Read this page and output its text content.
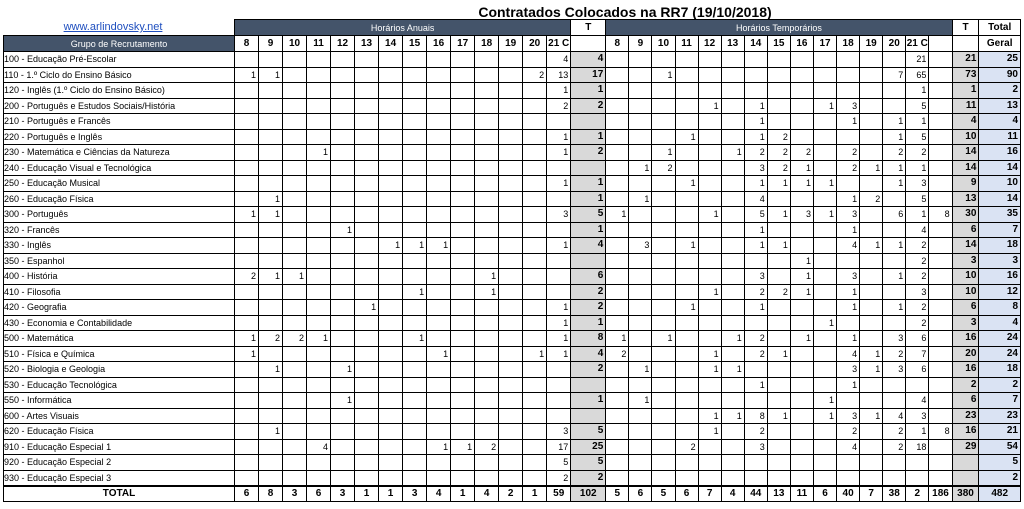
www.arlindovsky.net
Contratados Colocados na RR7 (19/10/2018)
	Horários Anuais														T	Horários Temporários															T	Total
Grupo de Recrutamento	8	9	10	11	12	13	14	15	16	17	18	19	20	21 C		8	9	10	11	12	13	14	15	16	17	18	19	20	21 C			Geral
100 - Educação Pré-Escolar														4	4														21		21	25
110 - 1.º Ciclo do Ensino Básico	1	1											2	13	17			1										7	65		73	90
120 - Inglês (1.º Ciclo do Ensino Básico)														1	1														1		1	2
200 - Português e Estudos Sociais/História														2	2					1		1			1	3			5		11	13
210 - Português e Francês																						1				1		1	1		4	4
220 - Português e Inglês														1	1				1			1	2					1	5		10	11
230 - Matemática e Ciências da Natureza				1										1	2			1			1	2	2	2		2		2	2		14	16
240 - Educação Visual e Tecnológica																	1	2				3	2	1		2	1	1	1		14	14
250 - Educação Musical														1	1				1			1	1	1	1			1	3		9	10
260 - Educação Física		1													1		1					4				1	2		5		13	14
300 - Português	1	1												3	5	1				1		5	1	3	1	3		6	1	8	30	35
320 - Francês					1										1							1				1			4		6	7
330 - Inglês							1	1	1					1	4		3		1			1	1			4	1	1	2		14	18
350 - Espanhol																								1					2		3	3
400 - História	2	1	1								1				6							3		1		3		1	2		10	16
410 - Filosofia								1			1				2					1		2	2	1		1			3		10	12
420 - Geografia						1								1	2				1			1				1		1	2		6	8
430 - Economia e Contabilidade														1	1										1				2		3	4
500 - Matemática	1	2	2	1				1						1	8	1		1			1	2		1		1		3	6		16	24
510 - Física e Química	1								1				1	1	4	2				1		2	1			4	1	2	7		20	24
520 - Biologia e Geologia		1			1										2		1			1	1					3	1	3	6		16	18
530 - Educação Tecnológica																						1				1					2	2
550 - Informática					1										1		1								1				4		6	7
600 - Artes Visuais																				1	1	8	1		1	3	1	4	3		23	23
620 - Educação Física		1												3	5					1		2				2		2	1	8	16	21
910 - Educação Especial 1				4					1	1	2			17	25				2			3				4		2	18		29	54
920 - Educação Especial 2														5	5																	5
930 - Educação Especial 3														2	2																	2
TOTAL	6	8	3	6	3	1	1	3	4	1	4	2	1	59	102	5	6	5	6	7	4	44	13	11	6	40	7	38	2	186	380	482
